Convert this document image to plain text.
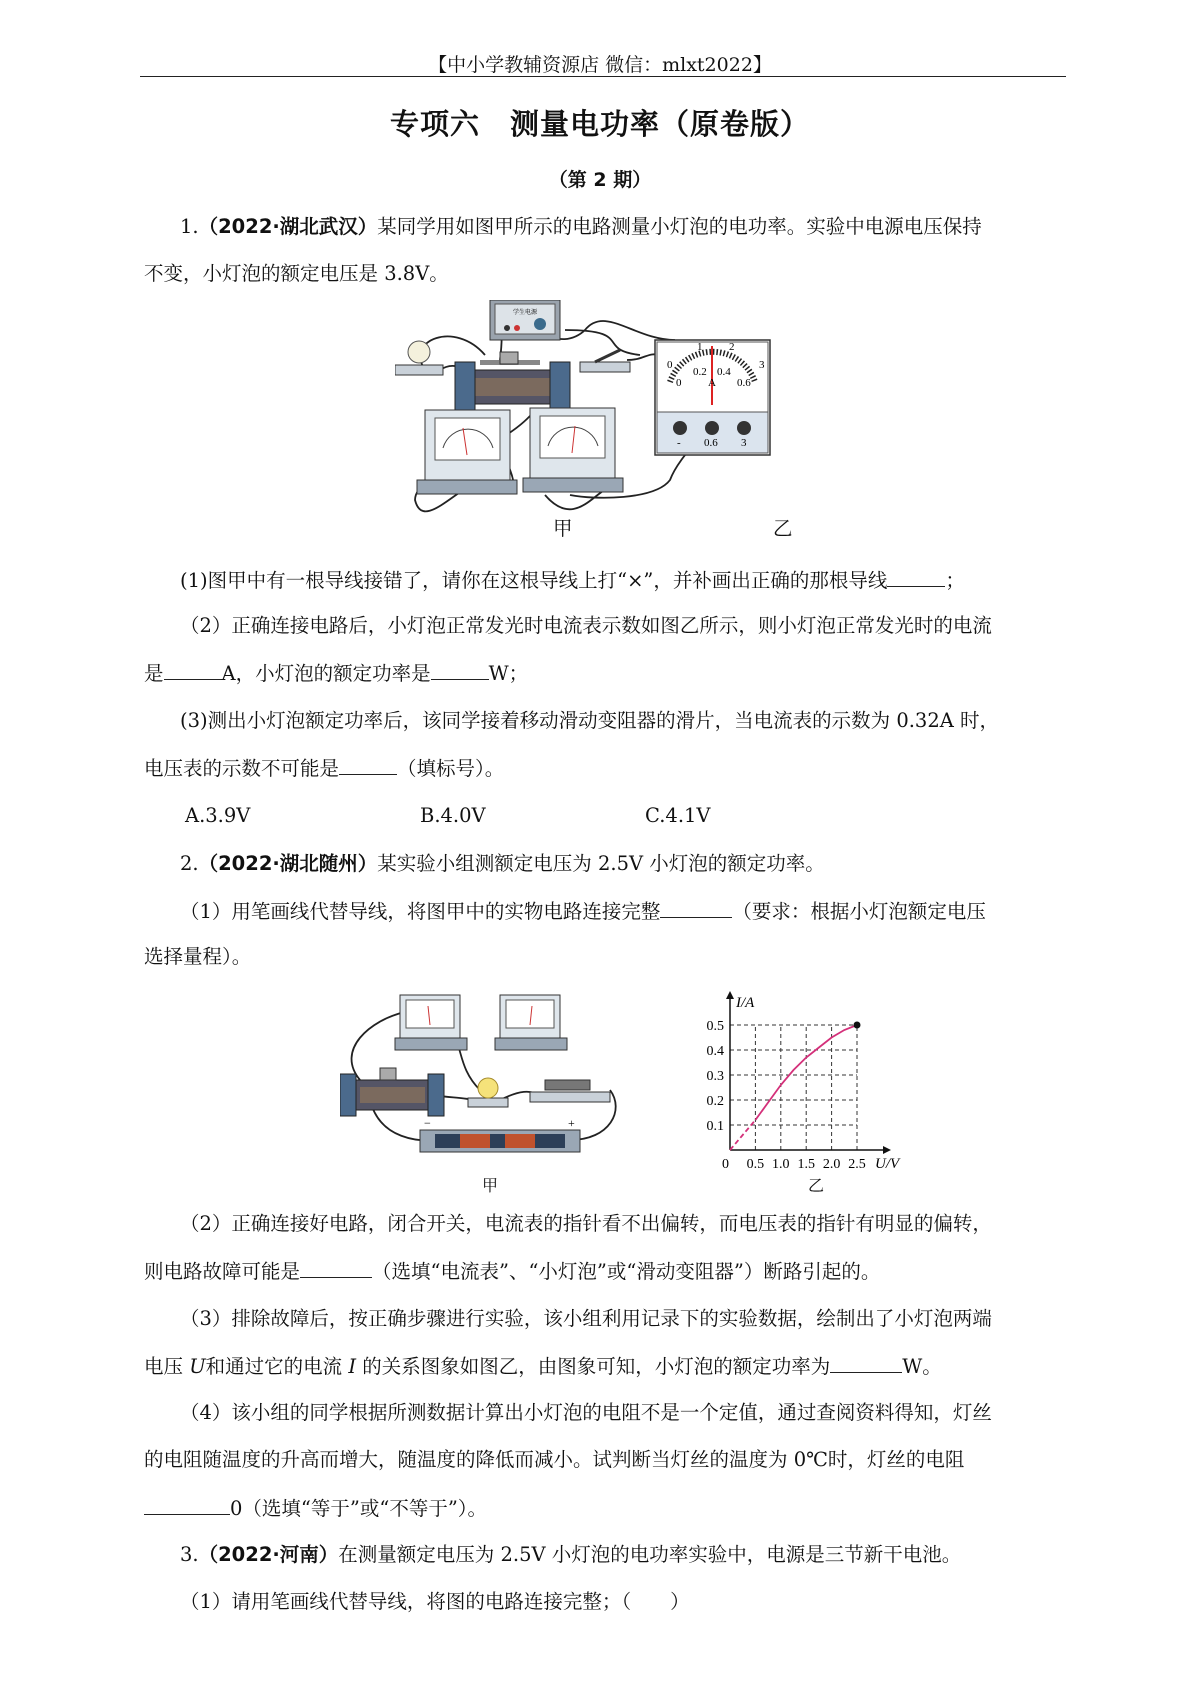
【中小学教辅资源店 微信：mlxt2022】
专项六　测量电功率（原卷版）
（第 2 期）
1.（2022·湖北武汉）某同学用如图甲所示的电路测量小灯泡的电功率。实验中电源电压保持
不变，小灯泡的额定电压是 3.8V。
学生电源
0
1 2
3
0
0.2 0.4
0.6
A
- 0.6 3
甲	乙
(1)图甲中有一根导线接错了，请你在这根导线上打“×”，并补画出正确的那根导线	；
（2）正确连接电路后，小灯泡正常发光时电流表示数如图乙所示，则小灯泡正常发光时的电流
是	A，小灯泡的额定功率是	W；
(3)测出小灯泡额定功率后，该同学接着移动滑动变阻器的滑片，当电流表的示数为 0.32A 时，
电压表的示数不可能是	（填标号）。
A.3.9V	B.4.0V	C.4.1V
2.（2022·湖北随州）某实验小组测额定电压为 2.5V 小灯泡的额定功率。
（1）用笔画线代替导线，将图甲中的实物电路连接完整	（要求：根据小灯泡额定电压
选择量程）。
−	+
甲
0.5 1.0 1.5 2.0 2.5
0.1
0.2
0.3
0.4
0.5
I/A
U/V
0
乙
（2）正确连接好电路，闭合开关，电流表的指针看不出偏转，而电压表的指针有明显的偏转，
则电路故障可能是	（选填“电流表”、“小灯泡”或“滑动变阻器”）断路引起的。
（3）排除故障后，按正确步骤进行实验，该小组利用记录下的实验数据，绘制出了小灯泡两端
电压 U和通过它的电流 I 的关系图象如图乙，由图象可知，小灯泡的额定功率为	W。
（4）该小组的同学根据所测数据计算出小灯泡的电阻不是一个定值，通过查阅资料得知，灯丝
的电阻随温度的升高而增大，随温度的降低而减小。试判断当灯丝的温度为 0℃时，灯丝的电阻
0（选填“等于”或“不等于”）。
3.（2022·河南）在测量额定电压为 2.5V 小灯泡的电功率实验中，电源是三节新干电池。
（1）请用笔画线代替导线，将图的电路连接完整；（　　）
